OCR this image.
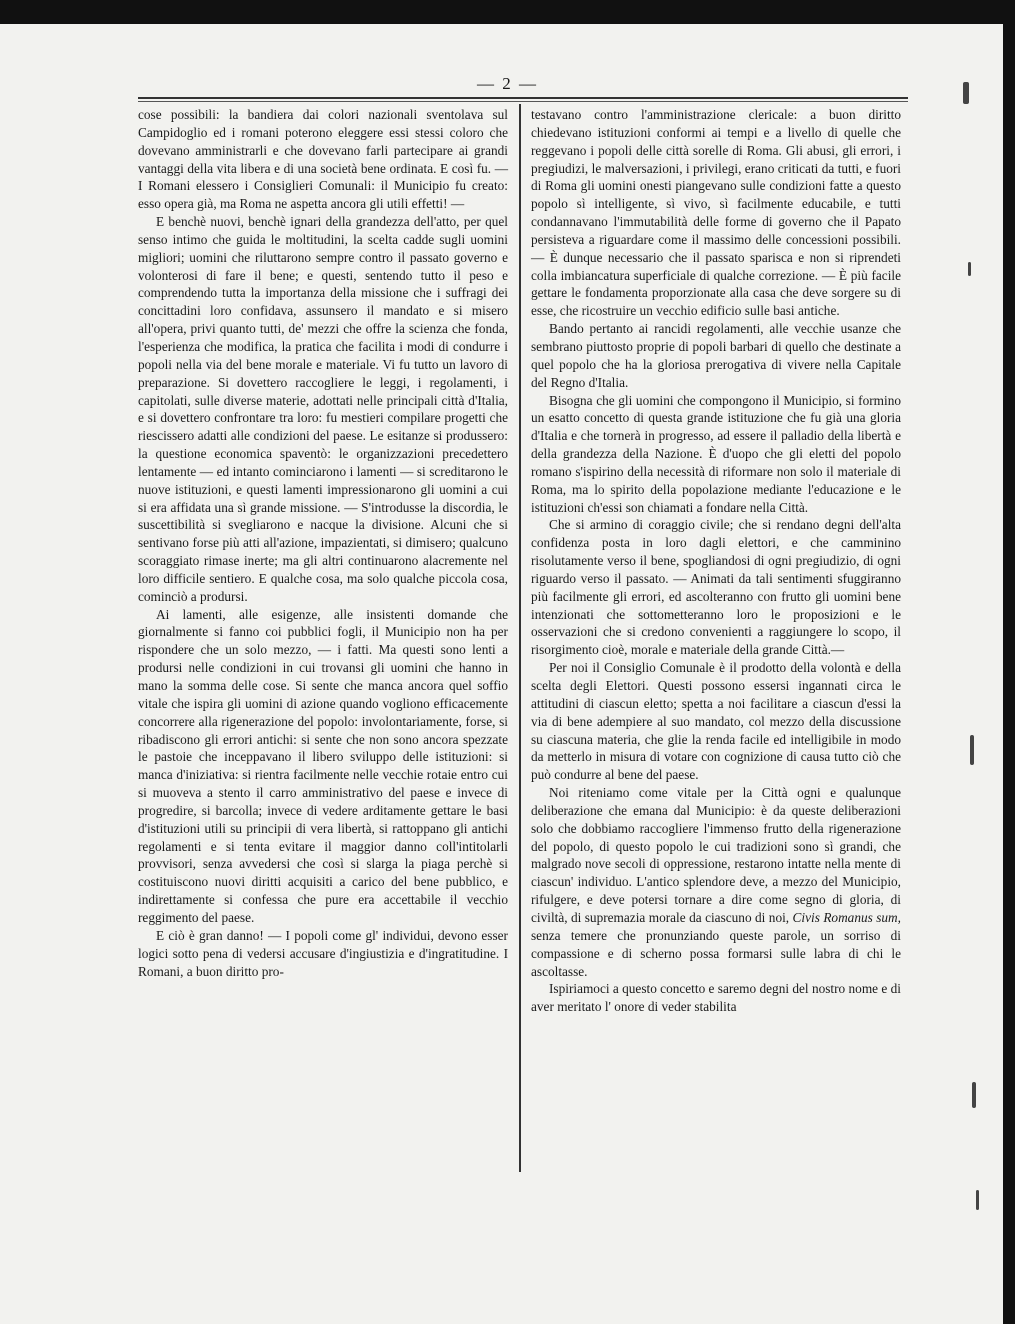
— 2 —

cose possibili: la bandiera dai colori nazionali sventolava sul Campidoglio ed i romani poterono eleggere essi stessi coloro che dovevano amministrarli e che dovevano farli partecipare ai grandi vantaggi della vita libera e di una società bene ordinata. E così fu. — I Romani elessero i Consiglieri Comunali: il Municipio fu creato: esso opera già, ma Roma ne aspetta ancora gli utili effetti! —

E benchè nuovi, benchè ignari della grandezza dell'atto, per quel senso intimo che guida le moltitudini, la scelta cadde sugli uomini migliori; uomini che riluttarono sempre contro il passato governo e volonterosi di fare il bene; e questi, sentendo tutto il peso e comprendendo tutta la importanza della missione che i suffragi dei concittadini loro confidava, assunsero il mandato e si misero all'opera, privi quanto tutti, de' mezzi che offre la scienza che fonda, l'esperienza che modifica, la pratica che facilita i modi di condurre i popoli nella via del bene morale e materiale. Vi fu tutto un lavoro di preparazione. Si dovettero raccogliere le leggi, i regolamenti, i capitolati, sulle diverse materie, adottati nelle principali città d'Italia, e si dovettero confrontare tra loro: fu mestieri compilare progetti che riescissero adatti alle condizioni del paese. Le esitanze si produssero: la questione economica spaventò: le organizzazioni precedettero lentamente — ed intanto cominciarono i lamenti — si screditarono le nuove istituzioni, e questi lamenti impressionarono gli uomini a cui si era affidata una sì grande missione. — S'introdusse la discordia, le suscettibilità si svegliarono e nacque la divisione. Alcuni che si sentivano forse più atti all'azione, impazientati, si dimisero; qualcuno scoraggiato rimase inerte; ma gli altri continuarono alacremente nel loro difficile sentiero. E qualche cosa, ma solo qualche piccola cosa, cominciò a prodursi.

Ai lamenti, alle esigenze, alle insistenti domande che giornalmente si fanno coi pubblici fogli, il Municipio non ha per rispondere che un solo mezzo, — i fatti. Ma questi sono lenti a prodursi nelle condizioni in cui trovansi gli uomini che hanno in mano la somma delle cose. Si sente che manca ancora quel soffio vitale che ispira gli uomini di azione quando vogliono efficacemente concorrere alla rigenerazione del popolo: involontariamente, forse, si ribadiscono gli errori antichi: si sente che non sono ancora spezzate le pastoie che inceppavano il libero sviluppo delle istituzioni: si manca d'iniziativa: si rientra facilmente nelle vecchie rotaie entro cui si muoveva a stento il carro amministrativo del paese e invece di progredire, si barcolla; invece di vedere arditamente gettare le basi d'istituzioni utili su principii di vera libertà, si rattoppano gli antichi regolamenti e si tenta evitare il maggior danno coll'intitolarli provvisori, senza avvedersi che così si slarga la piaga perchè si costituiscono nuovi diritti acquisiti a carico del bene pubblico, e indirettamente si confessa che pure era accettabile il vecchio reggimento del paese.

E ciò è gran danno! — I popoli come gl' individui, devono esser logici sotto pena di vedersi accusare d'ingiustizia e d'ingratitudine. I Romani, a buon diritto pro-

testavano contro l'amministrazione clericale: a buon diritto chiedevano istituzioni conformi ai tempi e a livello di quelle che reggevano i popoli delle città sorelle di Roma. Gli abusi, gli errori, i pregiudizi, le malversazioni, i privilegi, erano criticati da tutti, e fuori di Roma gli uomini onesti piangevano sulle condizioni fatte a questo popolo sì intelligente, sì vivo, sì facilmente educabile, e tutti condannavano l'immutabilità delle forme di governo che il Papato persisteva a riguardare come il massimo delle concessioni possibili. — È dunque necessario che il passato sparisca e non si riprendeti colla imbiancatura superficiale di qualche correzione. — È più facile gettare le fondamenta proporzionate alla casa che deve sorgere su di esse, che ricostruire un vecchio edificio sulle basi antiche.

Bando pertanto ai rancidi regolamenti, alle vecchie usanze che sembrano piuttosto proprie di popoli barbari di quello che destinate a quel popolo che ha la gloriosa prerogativa di vivere nella Capitale del Regno d'Italia.

Bisogna che gli uomini che compongono il Municipio, si formino un esatto concetto di questa grande istituzione che fu già una gloria d'Italia e che tornerà in progresso, ad essere il palladio della libertà e della grandezza della Nazione. È d'uopo che gli eletti del popolo romano s'ispirino della necessità di riformare non solo il materiale di Roma, ma lo spirito della popolazione mediante l'educazione e le istituzioni ch'essi son chiamati a fondare nella Città.

Che si armino di coraggio civile; che si rendano degni dell'alta confidenza posta in loro dagli elettori, e che camminino risolutamente verso il bene, spogliandosi di ogni pregiudizio, di ogni riguardo verso il passato. — Animati da tali sentimenti sfuggiranno più facilmente gli errori, ed ascolteranno con frutto gli uomini bene intenzionati che sottometteranno loro le proposizioni e le osservazioni che si credono convenienti a raggiungere lo scopo, il risorgimento cioè, morale e materiale della grande Città.—

Per noi il Consiglio Comunale è il prodotto della volontà e della scelta degli Elettori. Questi possono essersi ingannati circa le attitudini di ciascun eletto; spetta a noi facilitare a ciascun d'essi la via di bene adempiere al suo mandato, col mezzo della discussione su ciascuna materia, che glie la renda facile ed intelligibile in modo da metterlo in misura di votare con cognizione di causa tutto ciò che può condurre al bene del paese.

Noi riteniamo come vitale per la Città ogni e qualunque deliberazione che emana dal Municipio: è da queste deliberazioni solo che dobbiamo raccogliere l'immenso frutto della rigenerazione del popolo, di questo popolo le cui tradizioni sono sì grandi, che malgrado nove secoli di oppressione, restarono intatte nella mente di ciascun' individuo. L'antico splendore deve, a mezzo del Municipio, rifulgere, e deve potersi tornare a dire come segno di gloria, di civiltà, di supremazia morale da ciascuno di noi, Civis Romanus sum, senza temere che pronunziando queste parole, un sorriso di compassione e di scherno possa formarsi sulle labra di chi le ascoltasse.

Ispiriamoci a questo concetto e saremo degni del nostro nome e di aver meritato l' onore di veder stabilita
